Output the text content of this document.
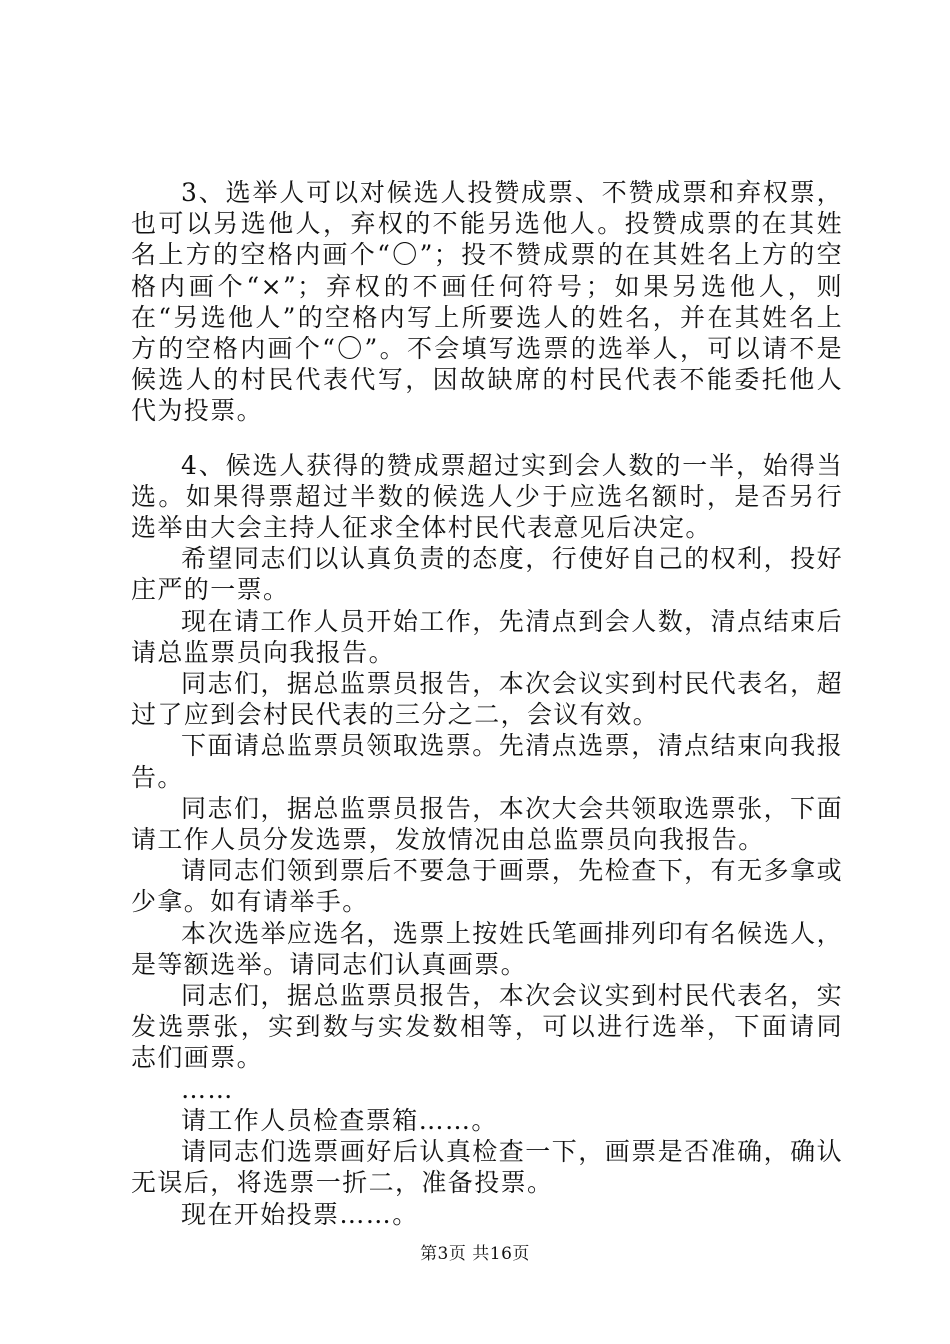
3、选举人可以对候选人投赞成票、不赞成票和弃权票，也可以另选他人，弃权的不能另选他人。投赞成票的在其姓名上方的空格内画个“〇”；投不赞成票的在其姓名上方的空格内画个“×”；弃权的不画任何符号；如果另选他人，则在“另选他人”的空格内写上所要选人的姓名，并在其姓名上方的空格内画个“〇”。不会填写选票的选举人，可以请不是候选人的村民代表代写，因故缺席的村民代表不能委托他人代为投票。

4、候选人获得的赞成票超过实到会人数的一半，始得当选。如果得票超过半数的候选人少于应选名额时，是否另行选举由大会主持人征求全体村民代表意见后决定。

希望同志们以认真负责的态度，行使好自己的权利，投好庄严的一票。

现在请工作人员开始工作，先清点到会人数，清点结束后请总监票员向我报告。

同志们，据总监票员报告，本次会议实到村民代表名，超过了应到会村民代表的三分之二，会议有效。

下面请总监票员领取选票。先清点选票，清点结束向我报告。

同志们，据总监票员报告，本次大会共领取选票张，下面请工作人员分发选票，发放情况由总监票员向我报告。

请同志们领到票后不要急于画票，先检查下，有无多拿或少拿。如有请举手。

本次选举应选名，选票上按姓氏笔画排列印有名候选人，是等额选举。请同志们认真画票。

同志们，据总监票员报告，本次会议实到村民代表名，实发选票张，实到数与实发数相等，可以进行选举，下面请同志们画票。

……

请工作人员检查票箱……。

请同志们选票画好后认真检查一下，画票是否准确，确认无误后，将选票一折二，准备投票。

现在开始投票……。

第3页 共16页
